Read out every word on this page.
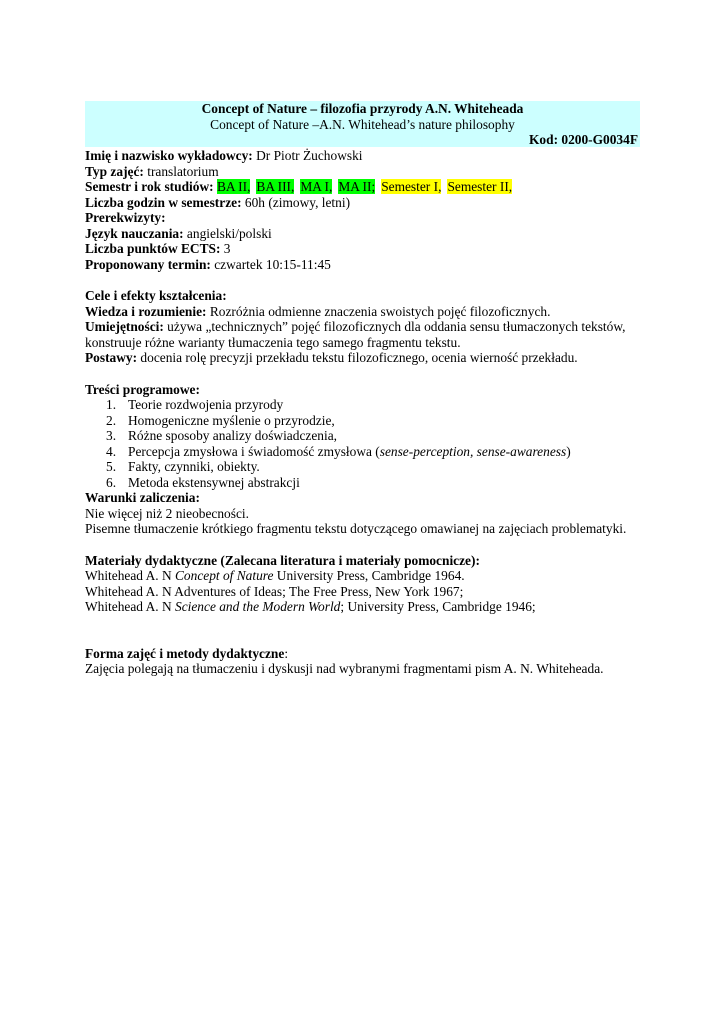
Concept of Nature – filozofia przyrody A.N. Whiteheada
Concept of Nature –A.N. Whitehead’s nature philosophy
Kod: 0200-G0034F
Imię i nazwisko wykładowcy: Dr Piotr Żuchowski
Typ zajęć: translatorium
Semestr i rok studiów: BA II, BA III, MA I, MA II; Semester I, Semester II,
Liczba godzin w semestrze: 60h (zimowy, letni)
Prerekwizyty:
Język nauczania: angielski/polski
Liczba punktów ECTS: 3
Proponowany termin: czwartek 10:15-11:45
Cele i efekty kształcenia:
Wiedza i rozumienie: Rozróżnia odmienne znaczenia swoistych pojęć filozoficznych.
Umiejętności: używa „technicznych” pojęć filozoficznych dla oddania sensu tłumaczonych tekstów,
konstruuje różne warianty tłumaczenia tego samego fragmentu tekstu.
Postawy: docenia rolę precyzji przekładu tekstu filozoficznego, ocenia wierność przekładu.
Treści programowe:
1. Teorie rozdwojenia przyrody
2. Homogeniczne myślenie o przyrodzie,
3. Różne sposoby analizy doświadczenia,
4. Percepcja zmysłowa i świadomość zmysłowa (sense-perception, sense-awareness)
5. Fakty, czynniki, obiekty.
6. Metoda ekstensywnej abstrakcji
Warunki zaliczenia:
Nie więcej niż 2 nieobecności.
Pisemne tłumaczenie krótkiego fragmentu tekstu dotyczącego omawianej na zajęciach problematyki.
Materiały dydaktyczne (Zalecana literatura i materiały pomocnicze):
Whitehead A. N Concept of Nature University Press, Cambridge 1964.
Whitehead A. N Adventures of Ideas; The Free Press, New York 1967;
Whitehead A. N Science and the Modern World; University Press, Cambridge 1946;
Forma zajęć i metody dydaktyczne:
Zajęcia polegają na tłumaczeniu i dyskusji nad wybranymi fragmentami pism A. N. Whiteheada.
